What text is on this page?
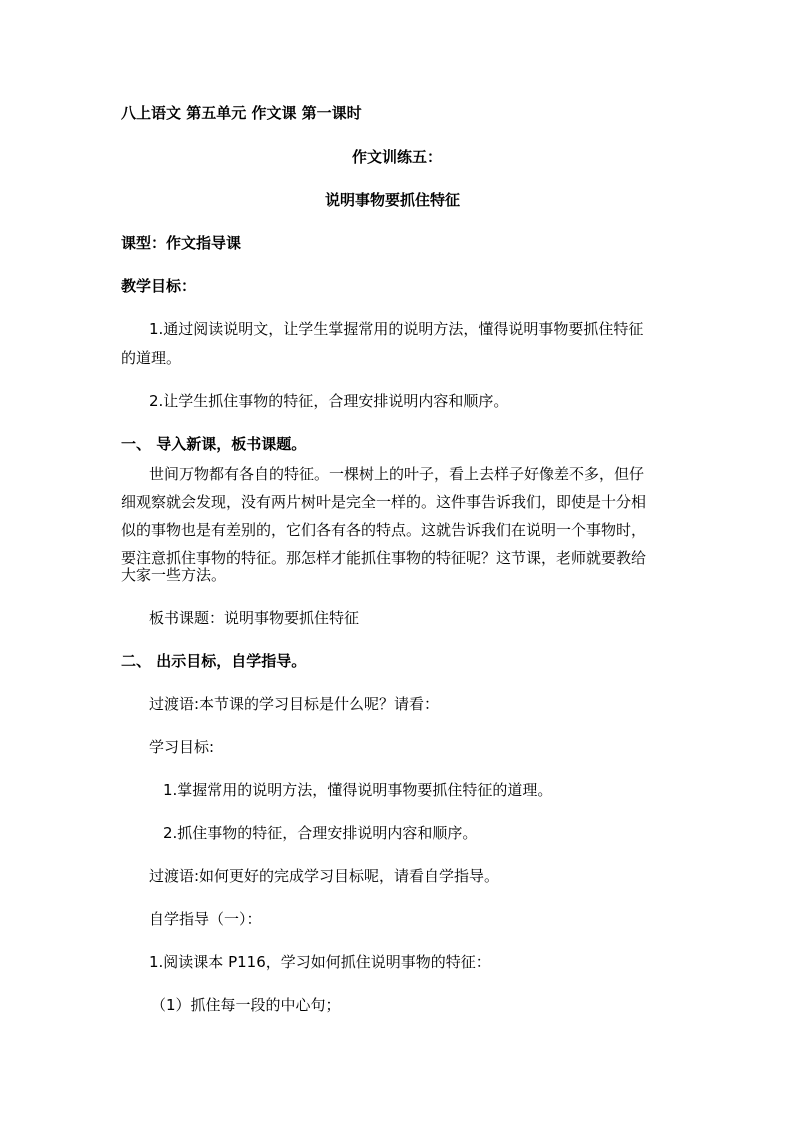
八上语文 第五单元 作文课 第一课时
作文训练五：
说明事物要抓住特征
课型：作文指导课
教学目标：
1.通过阅读说明文，让学生掌握常用的说明方法，懂得说明事物要抓住特征
的道理。
2.让学生抓住事物的特征，合理安排说明内容和顺序。
一、 导入新课，板书课题。
世间万物都有各自的特征。一棵树上的叶子，看上去样子好像差不多，但仔
细观察就会发现，没有两片树叶是完全一样的。这件事告诉我们，即使是十分相
似的事物也是有差别的，它们各有各的特点。这就告诉我们在说明一个事物时，
要注意抓住事物的特征。那怎样才能抓住事物的特征呢？这节课，老师就要教给
大家一些方法。
板书课题：说明事物要抓住特征
二、 出示目标，自学指导。
过渡语:本节课的学习目标是什么呢？请看：
学习目标:
1.掌握常用的说明方法，懂得说明事物要抓住特征的道理。
2.抓住事物的特征，合理安排说明内容和顺序。
过渡语:如何更好的完成学习目标呢，请看自学指导。
自学指导（一）：
1.阅读课本 P116，学习如何抓住说明事物的特征：
（1）抓住每一段的中心句；
